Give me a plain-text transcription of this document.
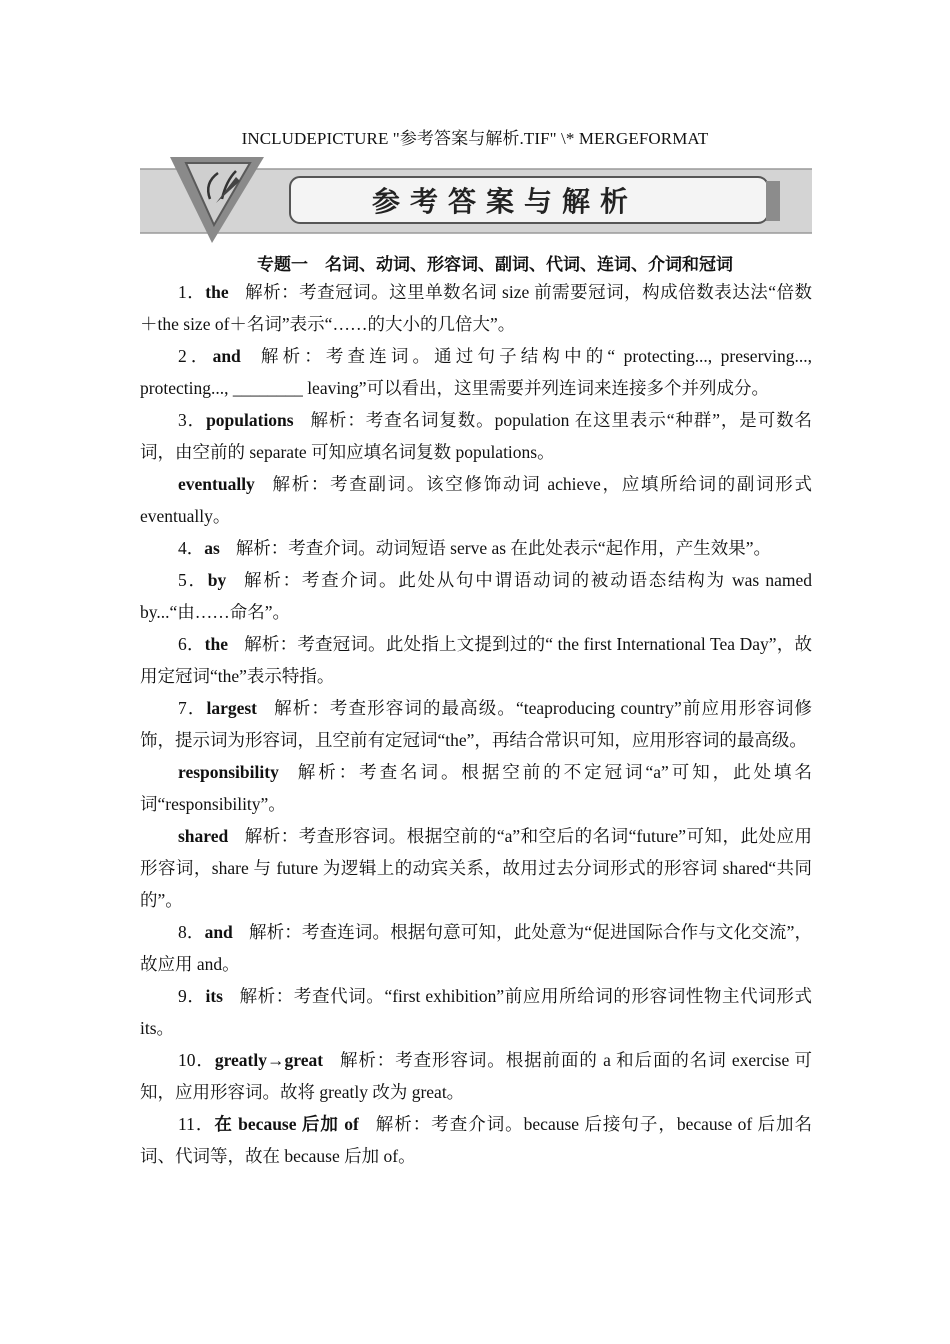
INCLUDEPICTURE "参考答案与解析.TIF" \* MERGEFORMAT
参考答案与解析
专题一　名词、动词、形容词、副词、代词、连词、介词和冠词

1．the 解析：考查冠词。这里单数名词 size 前需要冠词，构成倍数表达法“倍数＋the size of＋名词”表示“……的大小的几倍大”。

2．and 解析：考查连词。通过句子结构中的“ protecting..., preserving..., protecting..., ________ leaving”可以看出，这里需要并列连词来连接多个并列成分。

3．populations 解析：考查名词复数。population 在这里表示“种群”，是可数名词，由空前的 separate 可知应填名词复数 populations。

eventually 解析：考查副词。该空修饰动词 achieve，应填所给词的副词形式 eventually。

4．as 解析：考查介词。动词短语 serve as 在此处表示“起作用，产生效果”。

5．by 解析：考查介词。此处从句中谓语动词的被动语态结构为 was named by...“由……命名”。

6．the 解析：考查冠词。此处指上文提到过的“ the first International Tea Day”，故用定冠词“the”表示特指。

7．largest 解析：考查形容词的最高级。“teaproducing country”前应用形容词修饰，提示词为形容词，且空前有定冠词“the”，再结合常识可知，应用形容词的最高级。

responsibility 解析：考查名词。根据空前的不定冠词“a”可知，此处填名词“responsibility”。

shared 解析：考查形容词。根据空前的“a”和空后的名词“future”可知，此处应用形容词，share 与 future 为逻辑上的动宾关系，故用过去分词形式的形容词 shared“共同的”。

8．and 解析：考查连词。根据句意可知，此处意为“促进国际合作与文化交流”，故应用 and。

9．its 解析：考查代词。“first exhibition”前应用所给词的形容词性物主代词形式 its。

10．greatly→great 解析：考查形容词。根据前面的 a 和后面的名词 exercise 可知，应用形容词。故将 greatly 改为 great。

11．在 because 后加 of 解析：考查介词。because 后接句子，because of 后加名词、代词等，故在 because 后加 of。
